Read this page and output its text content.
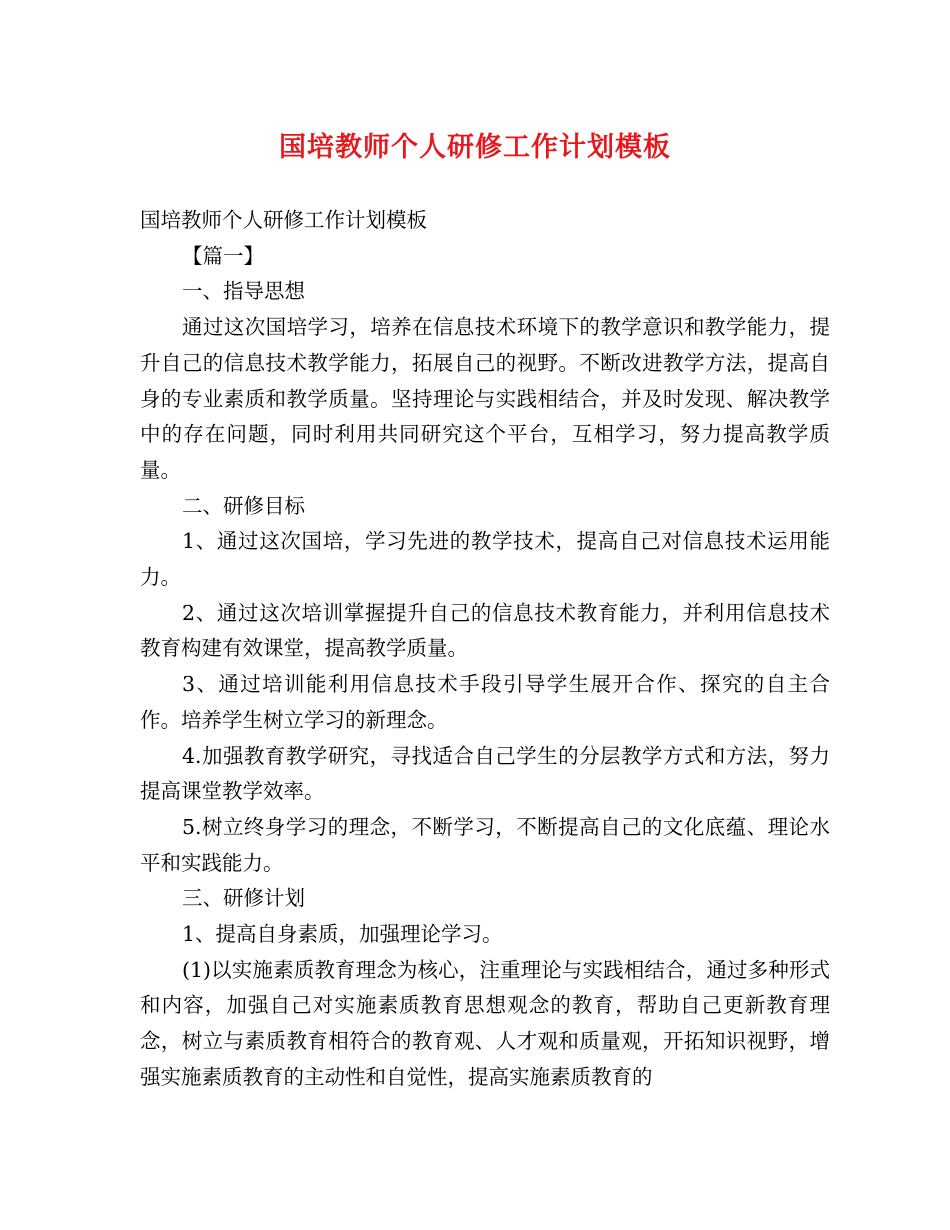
国培教师个人研修工作计划模板

国培教师个人研修工作计划模板

【篇一】

一、指导思想

通过这次国培学习，培养在信息技术环境下的教学意识和教学能力，提升自己的信息技术教学能力，拓展自己的视野。不断改进教学方法，提高自身的专业素质和教学质量。坚持理论与实践相结合，并及时发现、解决教学中的存在问题，同时利用共同研究这个平台，互相学习，努力提高教学质量。

二、研修目标

1、通过这次国培，学习先进的教学技术，提高自己对信息技术运用能力。

2、通过这次培训掌握提升自己的信息技术教育能力，并利用信息技术教育构建有效课堂，提高教学质量。

3、通过培训能利用信息技术手段引导学生展开合作、探究的自主合作。培养学生树立学习的新理念。

4.加强教育教学研究，寻找适合自己学生的分层教学方式和方法，努力提高课堂教学效率。

5.树立终身学习的理念，不断学习，不断提高自己的文化底蕴、理论水平和实践能力。

三、研修计划

1、提高自身素质，加强理论学习。

(1)以实施素质教育理念为核心，注重理论与实践相结合，通过多种形式和内容，加强自己对实施素质教育思想观念的教育，帮助自己更新教育理念，树立与素质教育相符合的教育观、人才观和质量观，开拓知识视野，增强实施素质教育的主动性和自觉性，提高实施素质教育的
